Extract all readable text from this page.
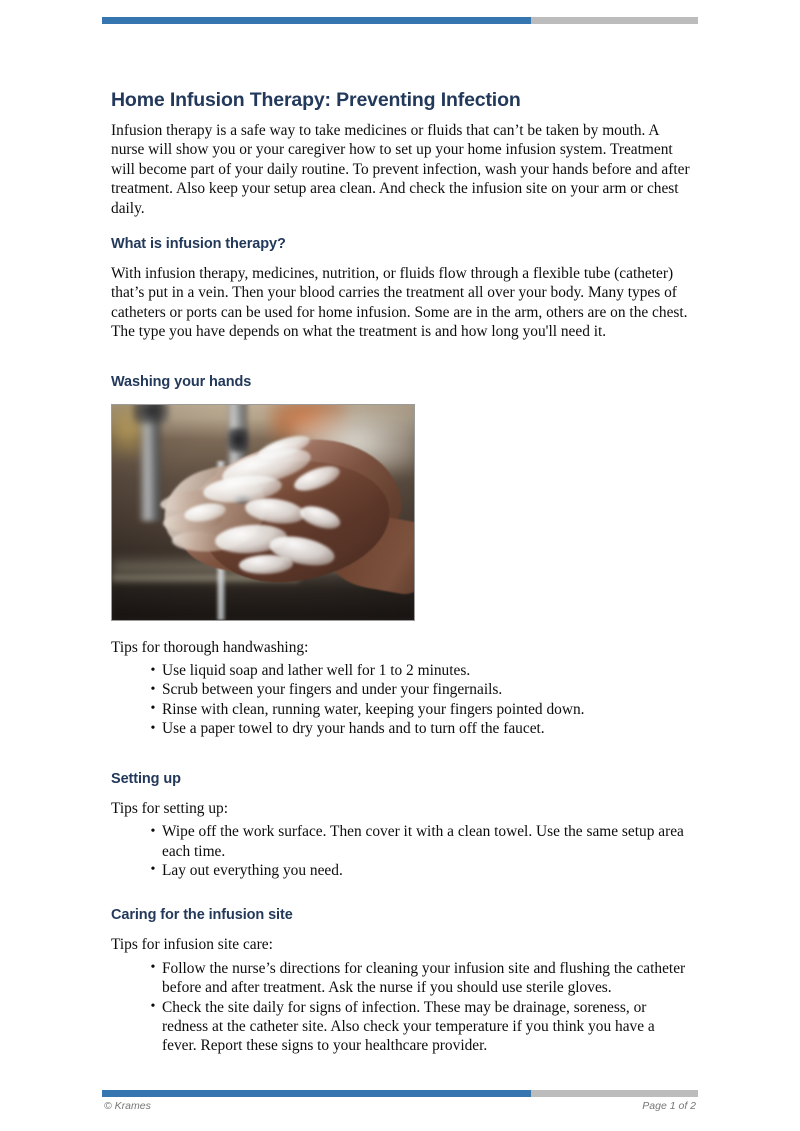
Home Infusion Therapy: Preventing Infection

Infusion therapy is a safe way to take medicines or fluids that can’t be taken by mouth. A nurse will show you or your caregiver how to set up your home infusion system. Treatment will become part of your daily routine. To prevent infection, wash your hands before and after treatment. Also keep your setup area clean. And check the infusion site on your arm or chest daily.

What is infusion therapy?

With infusion therapy, medicines, nutrition, or fluids flow through a flexible tube (catheter) that’s put in a vein. Then your blood carries the treatment all over your body. Many types of catheters or ports can be used for home infusion. Some are in the arm, others are on the chest. The type you have depends on what the treatment is and how long you'll need it.

Washing your hands

Tips for thorough handwashing:

• Use liquid soap and lather well for 1 to 2 minutes.
• Scrub between your fingers and under your fingernails.
• Rinse with clean, running water, keeping your fingers pointed down.
• Use a paper towel to dry your hands and to turn off the faucet.
Setting up

Tips for setting up:

• Wipe off the work surface. Then cover it with a clean towel. Use the same setup area each time.
• Lay out everything you need.
Caring for the infusion site

Tips for infusion site care:

• Follow the nurse’s directions for cleaning your infusion site and flushing the catheter before and after treatment. Ask the nurse if you should use sterile gloves.
• Check the site daily for signs of infection. These may be drainage, soreness, or redness at the catheter site. Also check your temperature if you think you have a fever. Report these signs to your healthcare provider.
© Krames	Page 1 of 2
